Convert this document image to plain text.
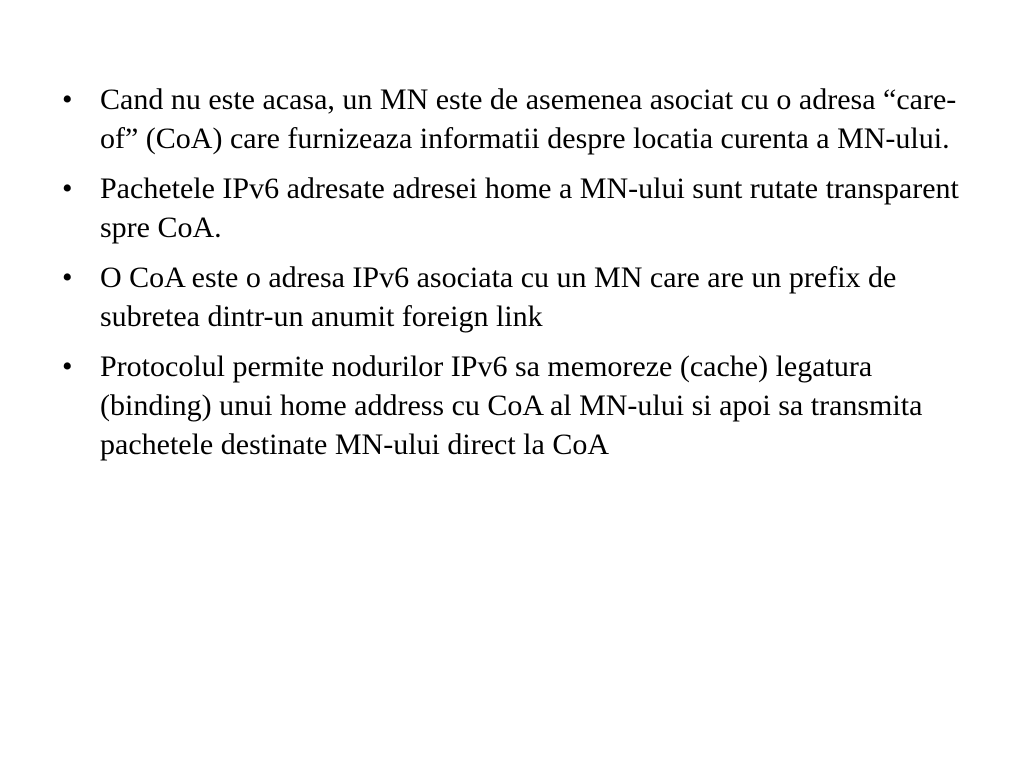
• Cand nu este acasa, un MN este de asemenea asociat cu o adresa “care-of” (CoA) care furnizeaza informatii despre locatia curenta a MN-ului.
• Pachetele IPv6 adresate adresei home a MN-ului sunt rutate transparent spre CoA.
• O CoA este o adresa IPv6 asociata cu un MN care are un prefix de subretea dintr-un anumit foreign link
• Protocolul permite nodurilor IPv6 sa memoreze (cache) legatura (binding) unui home address cu CoA al MN-ului si apoi sa transmita pachetele destinate MN-ului direct la CoA
